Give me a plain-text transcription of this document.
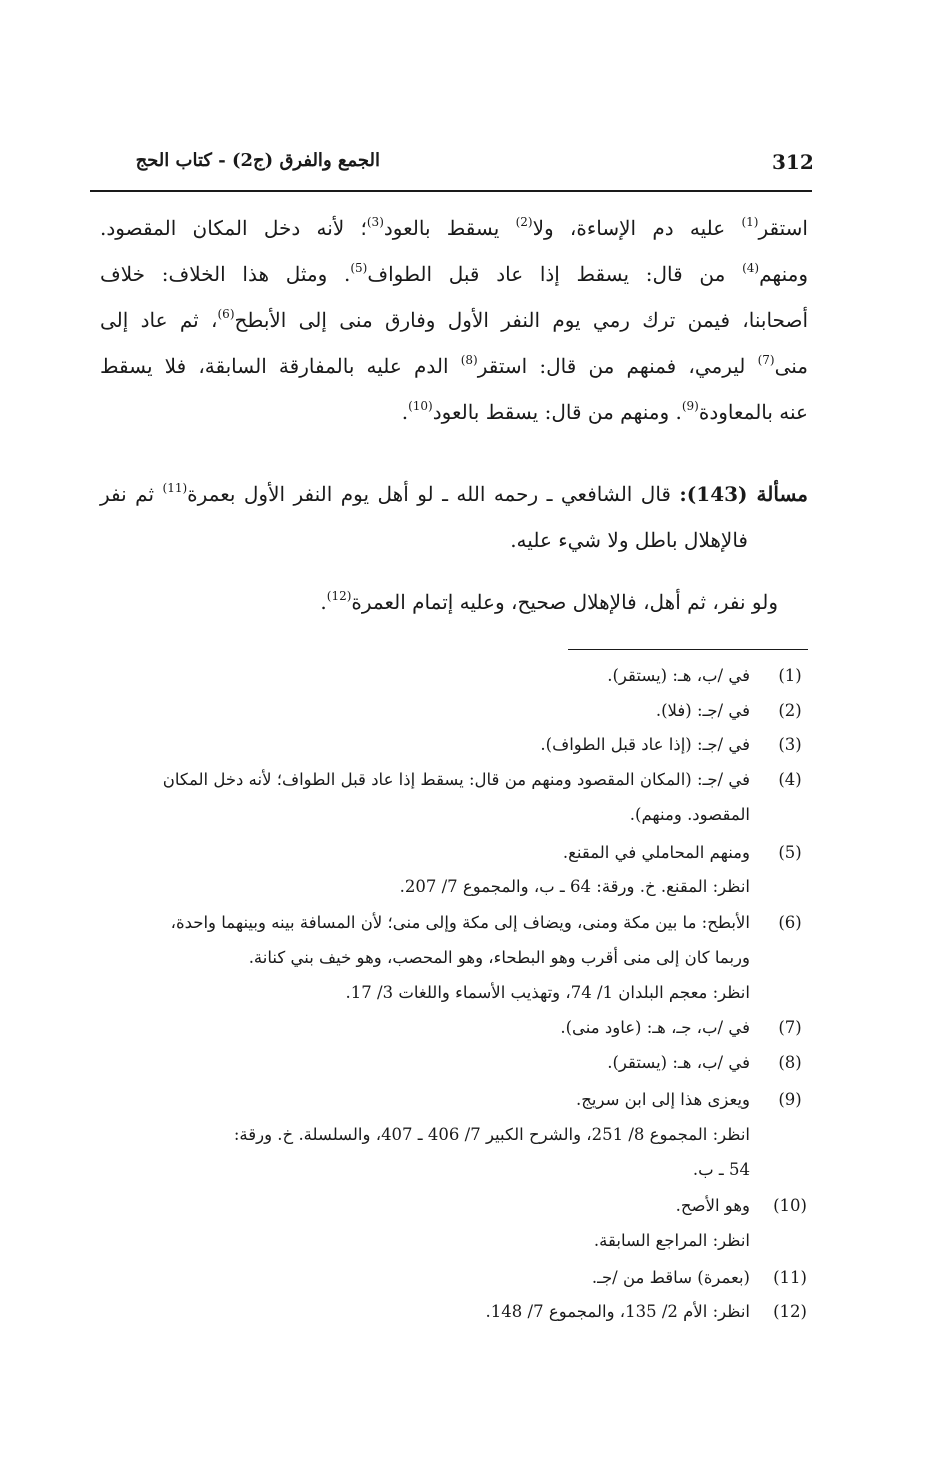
312
الجمع والفرق (ج2) - كتاب الحج
استقر$^{(1)}$ عليه دم الإساءة، ولا$^{(2)}$ يسقط بالعود$^{(3)}$؛ لأنه دخل المكان المقصود.
ومنهم$^{(4)}$ من قال: يسقط إذا عاد قبل الطواف$^{(5)}$. ومثل هذا الخلاف: خلاف
أصحابنا، فيمن ترك رمي يوم النفر الأول وفارق منى إلى الأبطح$^{(6)}$، ثم عاد إلى
منى$^{(7)}$ ليرمي، فمنهم من قال: استقر$^{(8)}$ الدم عليه بالمفارقة السابقة، فلا يسقط
عنه بالمعاودة$^{(9)}$. ومنهم من قال: يسقط بالعود$^{(10)}$.
مسألة (143): قال الشافعي ـ رحمه الله ـ لو أهل يوم النفر الأول بعمرة$^{(11)}$ ثم نفر
فالإهلال باطل ولا شيء عليه.
ولو نفر، ثم أهل، فالإهلال صحيح، وعليه إتمام العمرة$^{(12)}$.
(1)
في /ب، هـ: (يستقر).
(2)
في /جـ: (فلا).
(3)
في /جـ: (إذا عاد قبل الطواف).
(4)
في /جـ: (المكان المقصود ومنهم من قال: يسقط إذا عاد قبل الطواف؛ لأنه دخل المكان
المقصود. ومنهم).
(5)
ومنهم المحاملي في المقنع.
انظر: المقنع. خ. ورقة: 64 ـ ب، والمجموع 7/ 207.
(6)
الأبطح: ما بين مكة ومنى، ويضاف إلى مكة وإلى منى؛ لأن المسافة بينه وبينهما واحدة،
وربما كان إلى منى أقرب وهو البطحاء، وهو المحصب، وهو خيف بني كنانة.
انظر: معجم البلدان 1/ 74، وتهذيب الأسماء واللغات 3/ 17.
(7)
في /ب، جـ، هـ: (عاود منى).
(8)
في /ب، هـ: (يستقر).
(9)
ويعزى هذا إلى ابن سريج.
انظر: المجموع 8/ 251، والشرح الكبير 7/ 406 ـ 407، والسلسلة. خ. ورقة:
54 ـ ب.
(10)
وهو الأصح.
انظر: المراجع السابقة.
(11)
(بعمرة) ساقط من /جـ.
(12)
انظر: الأم 2/ 135، والمجموع 7/ 148.
